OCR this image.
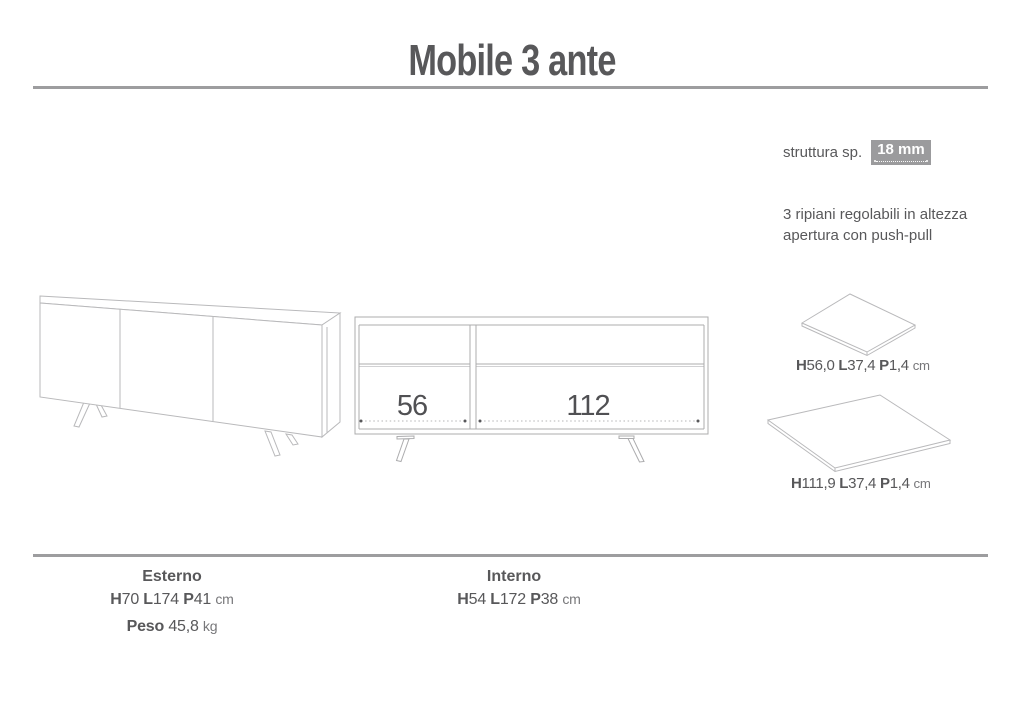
Mobile 3 ante
struttura sp.	18 mm
3 ripiani regolabili in altezza
apertura con push-pull
56	112
H56,0 L37,4 P1,4 cm
H111,9 L37,4 P1,4 cm
Esterno
H70 L174 P41 cm
Peso 45,8 kg
Interno
H54 L172 P38 cm
